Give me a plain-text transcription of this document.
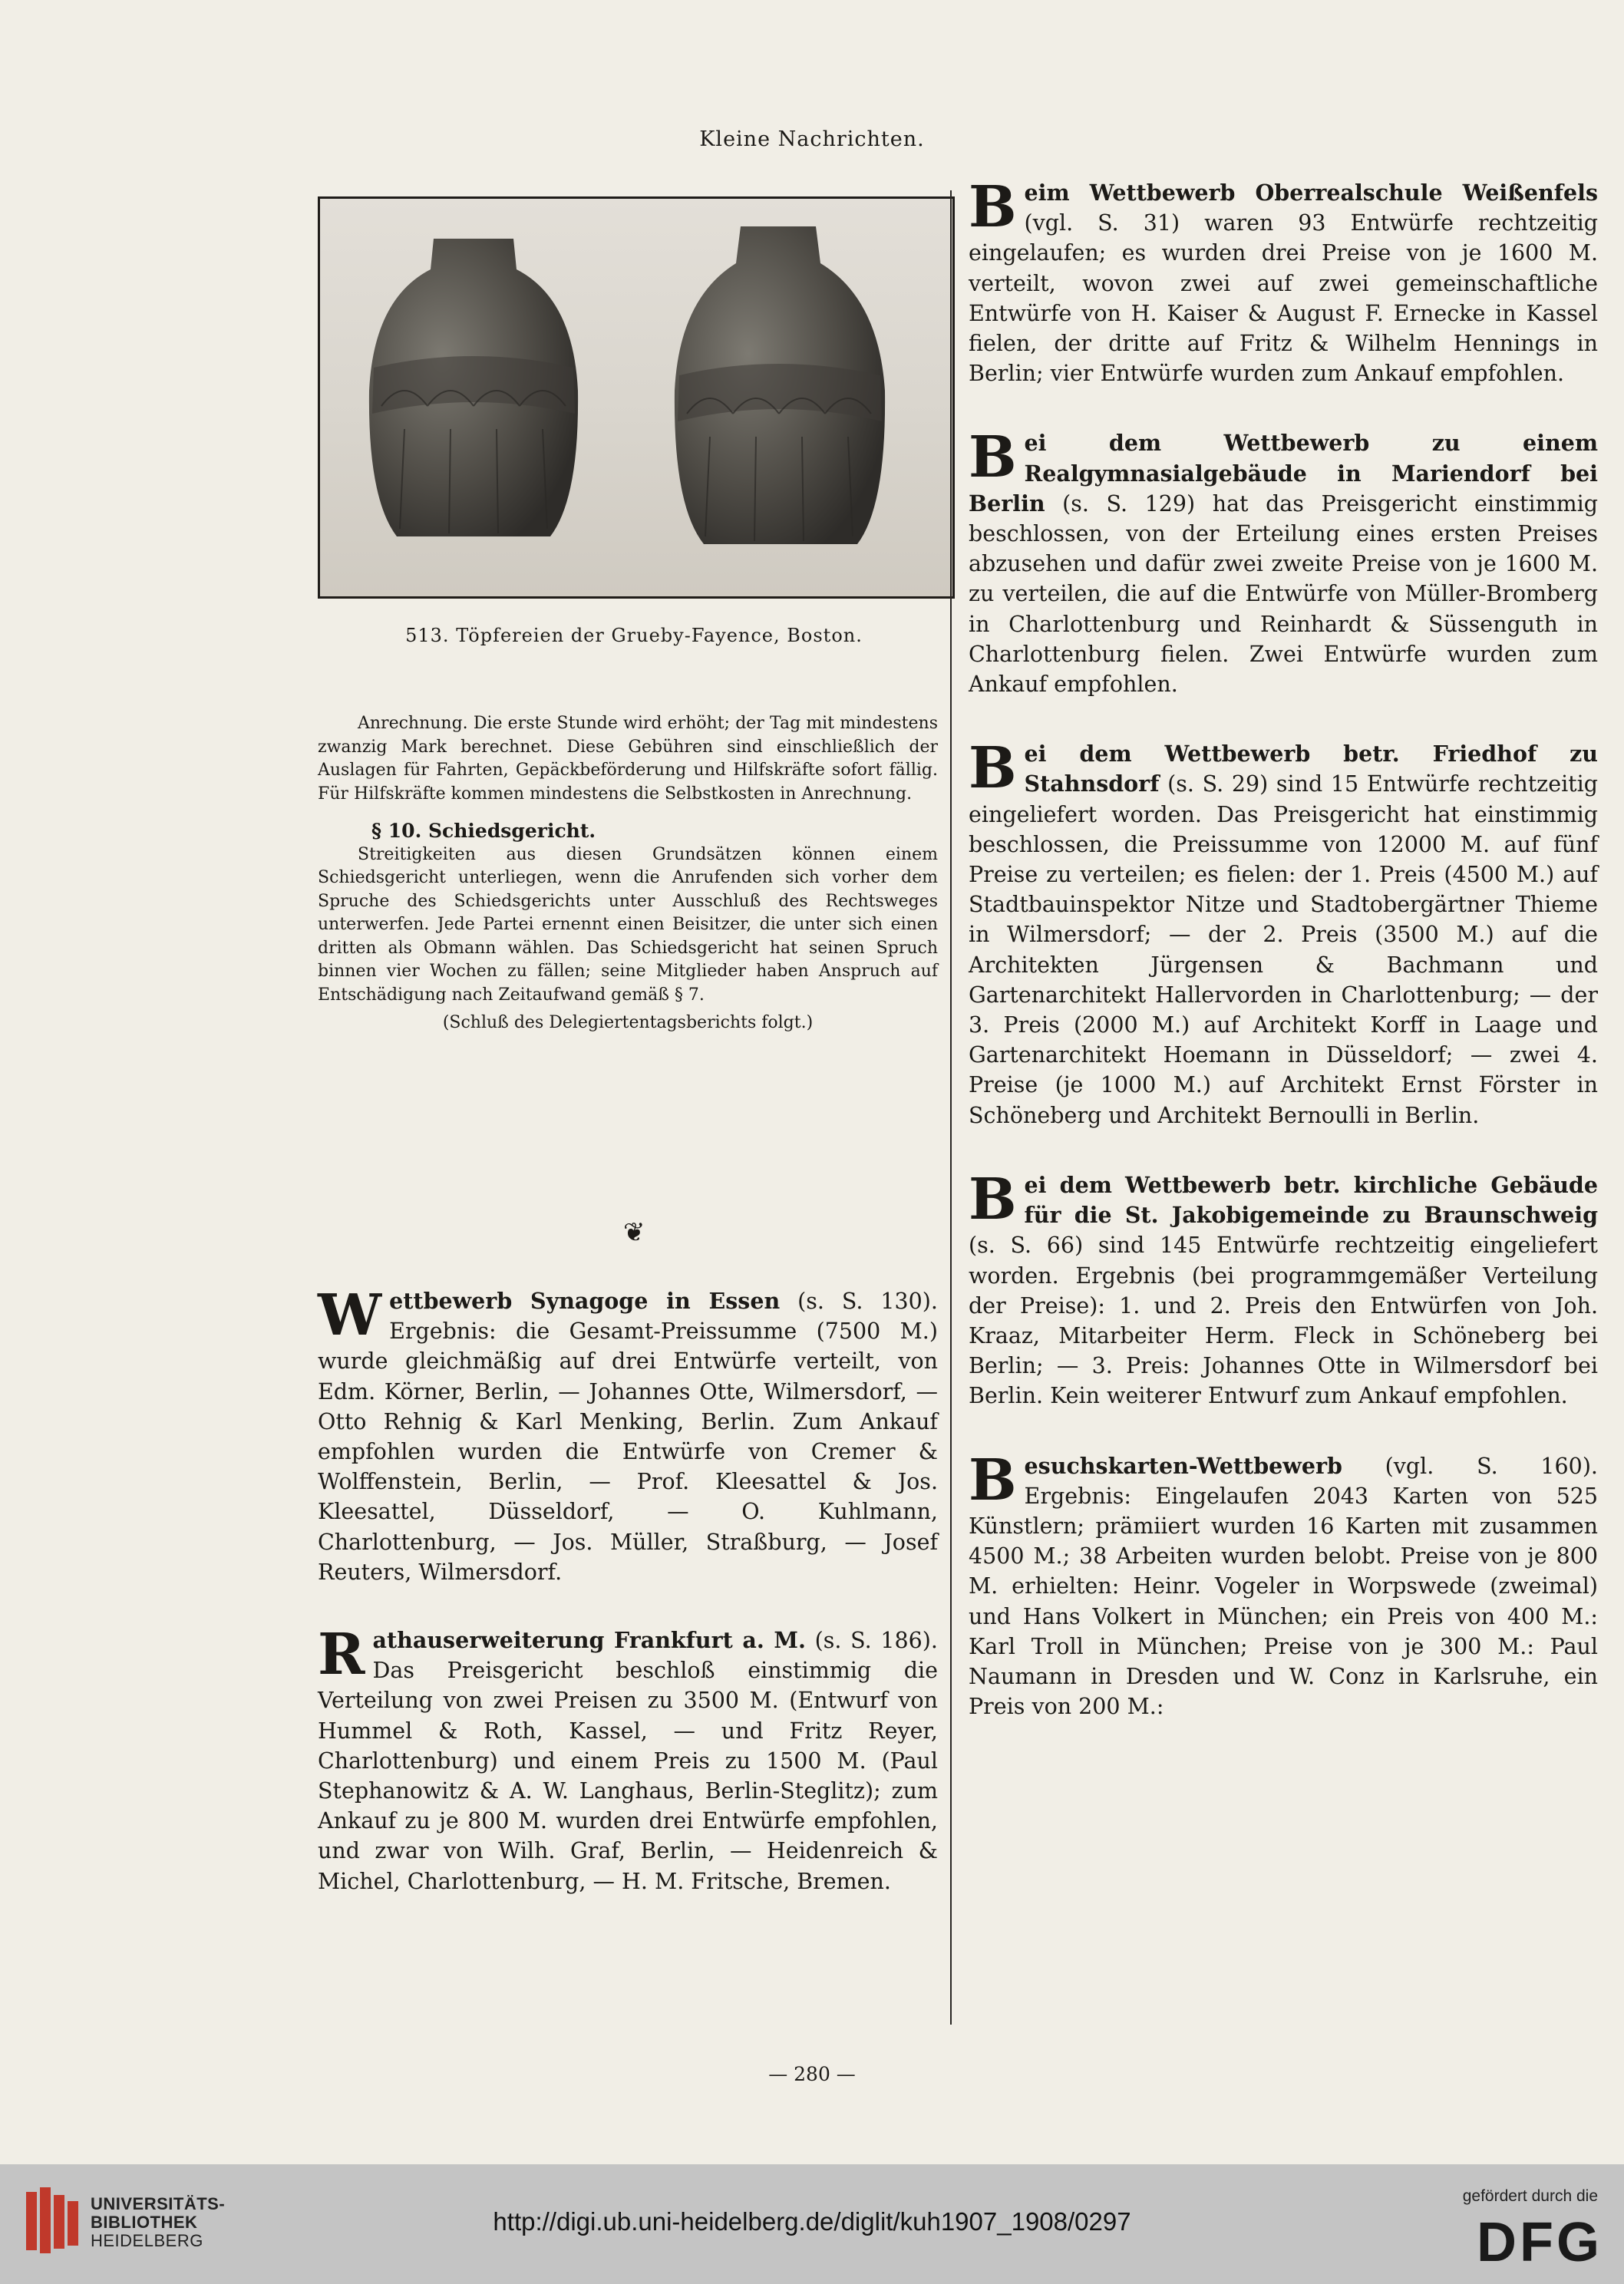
Kleine Nachrichten.
513. Töpfereien der Grueby-Fayence, Boston.

Anrechnung. Die erste Stunde wird erhöht; der Tag mit mindestens zwanzig Mark berechnet. Diese Gebühren sind einschließlich der Auslagen für Fahrten, Gepäckbeförderung und Hilfskräfte sofort fällig. Für Hilfskräfte kommen mindestens die Selbstkosten in Anrechnung.

§ 10. Schiedsgericht.

Streitigkeiten aus diesen Grundsätzen können einem Schiedsgericht unterliegen, wenn die Anrufenden sich vorher dem Spruche des Schiedsgerichts unter Ausschluß des Rechtsweges unterwerfen. Jede Partei ernennt einen Beisitzer, die unter sich einen dritten als Obmann wählen. Das Schiedsgericht hat seinen Spruch binnen vier Wochen zu fällen; seine Mitglieder haben Anspruch auf Entschädigung nach Zeitaufwand gemäß § 7.

(Schluß des Delegiertentagsberichts folgt.)

❦

Wettbewerb Synagoge in Essen (s. S. 130). Ergebnis: die Gesamt-Preissumme (7500 M.) wurde gleichmäßig auf drei Entwürfe verteilt, von Edm. Körner, Berlin, — Johannes Otte, Wilmersdorf, — Otto Rehnig & Karl Menking, Berlin. Zum Ankauf empfohlen wurden die Entwürfe von Cremer & Wolffenstein, Berlin, — Prof. Kleesattel & Jos. Kleesattel, Düsseldorf, — O. Kuhlmann, Charlottenburg, — Jos. Müller, Straßburg, — Josef Reuters, Wilmersdorf.

Rathauserweiterung Frankfurt a. M. (s. S. 186). Das Preisgericht beschloß einstimmig die Verteilung von zwei Preisen zu 3500 M. (Entwurf von Hummel & Roth, Kassel, — und Fritz Reyer, Charlottenburg) und einem Preis zu 1500 M. (Paul Stephanowitz & A. W. Langhaus, Berlin-Steglitz); zum Ankauf zu je 800 M. wurden drei Entwürfe empfohlen, und zwar von Wilh. Graf, Berlin, — Heidenreich & Michel, Charlottenburg, — H. M. Fritsche, Bremen.

Beim Wettbewerb Oberrealschule Weißenfels (vgl. S. 31) waren 93 Entwürfe rechtzeitig eingelaufen; es wurden drei Preise von je 1600 M. verteilt, wovon zwei auf zwei gemeinschaftliche Entwürfe von H. Kaiser & August F. Ernecke in Kassel fielen, der dritte auf Fritz & Wilhelm Hennings in Berlin; vier Entwürfe wurden zum Ankauf empfohlen.

Bei dem Wettbewerb zu einem Realgymnasialgebäude in Mariendorf bei Berlin (s. S. 129) hat das Preisgericht einstimmig beschlossen, von der Erteilung eines ersten Preises abzusehen und dafür zwei zweite Preise von je 1600 M. zu verteilen, die auf die Entwürfe von Müller-Bromberg in Charlottenburg und Reinhardt & Süssenguth in Charlottenburg fielen. Zwei Entwürfe wurden zum Ankauf empfohlen.

Bei dem Wettbewerb betr. Friedhof zu Stahnsdorf (s. S. 29) sind 15 Entwürfe rechtzeitig eingeliefert worden. Das Preisgericht hat einstimmig beschlossen, die Preissumme von 12000 M. auf fünf Preise zu verteilen; es fielen: der 1. Preis (4500 M.) auf Stadtbauinspektor Nitze und Stadtobergärtner Thieme in Wilmersdorf; — der 2. Preis (3500 M.) auf die Architekten Jürgensen & Bachmann und Gartenarchitekt Hallervorden in Charlottenburg; — der 3. Preis (2000 M.) auf Architekt Korff in Laage und Gartenarchitekt Hoemann in Düsseldorf; — zwei 4. Preise (je 1000 M.) auf Architekt Ernst Förster in Schöneberg und Architekt Bernoulli in Berlin.

Bei dem Wettbewerb betr. kirchliche Gebäude für die St. Jakobigemeinde zu Braunschweig (s. S. 66) sind 145 Entwürfe rechtzeitig eingeliefert worden. Ergebnis (bei programmgemäßer Verteilung der Preise): 1. und 2. Preis den Entwürfen von Joh. Kraaz, Mitarbeiter Herm. Fleck in Schöneberg bei Berlin; — 3. Preis: Johannes Otte in Wilmersdorf bei Berlin. Kein weiterer Entwurf zum Ankauf empfohlen.

Besuchskarten-Wettbewerb (vgl. S. 160). Ergebnis: Eingelaufen 2043 Karten von 525 Künstlern; prämiiert wurden 16 Karten mit zusammen 4500 M.; 38 Arbeiten wurden belobt. Preise von je 800 M. erhielten: Heinr. Vogeler in Worpswede (zweimal) und Hans Volkert in München; ein Preis von 400 M.: Karl Troll in München; Preise von je 300 M.: Paul Naumann in Dresden und W. Conz in Karlsruhe, ein Preis von 200 M.:

— 280 —
UNIVERSITÄTS-
BIBLIOTHEK
HEIDELBERG
http://digi.ub.uni-heidelberg.de/diglit/kuh1907_1908/0297
gefördert durch die
DFG
